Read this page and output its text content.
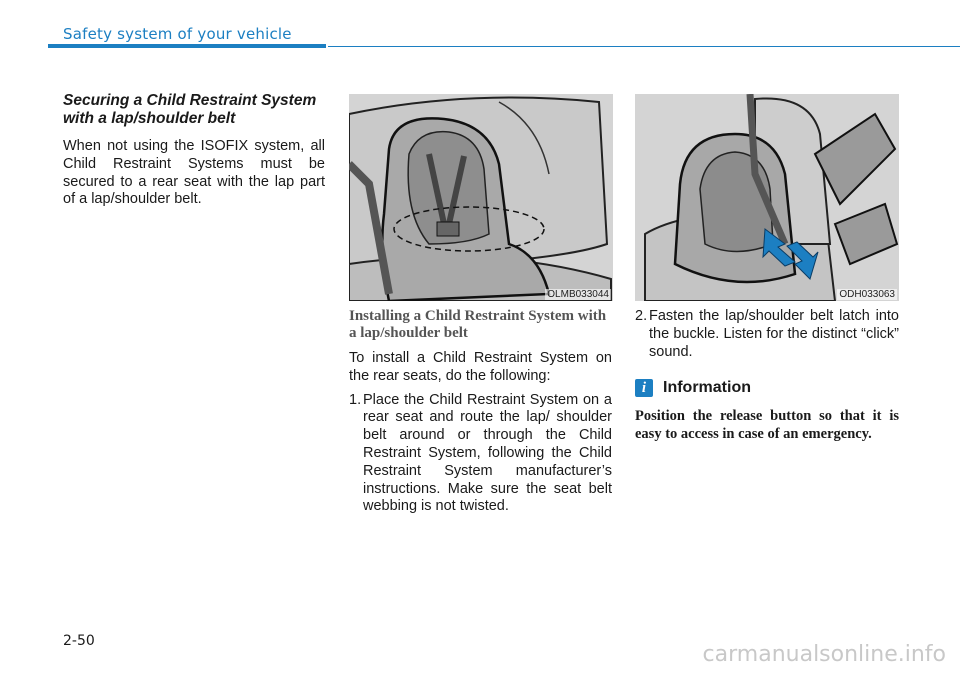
Safety system of your vehicle

Securing a Child Restraint System with a lap/shoulder belt

When not using the ISOFIX system, all Child Restraint Systems must be secured to a rear seat with the lap part of a lap/shoulder belt.

OLMB033044	ODH033063

Installing a Child Restraint System with a lap/shoulder belt

To install a Child Restraint System on the rear seats, do the following:

1. Place the Child Restraint System on a rear seat and route the lap/ shoulder belt around or through the Child Restraint System, following the Child Restraint System manufacturer’s instructions. Make sure the seat belt webbing is not twisted.
2. Fasten the lap/shoulder belt latch into the buckle. Listen for the distinct “click” sound.
i	Information

Position the release button so that it is easy to access in case of an emergency.

2-50
carmanualsonline.info
